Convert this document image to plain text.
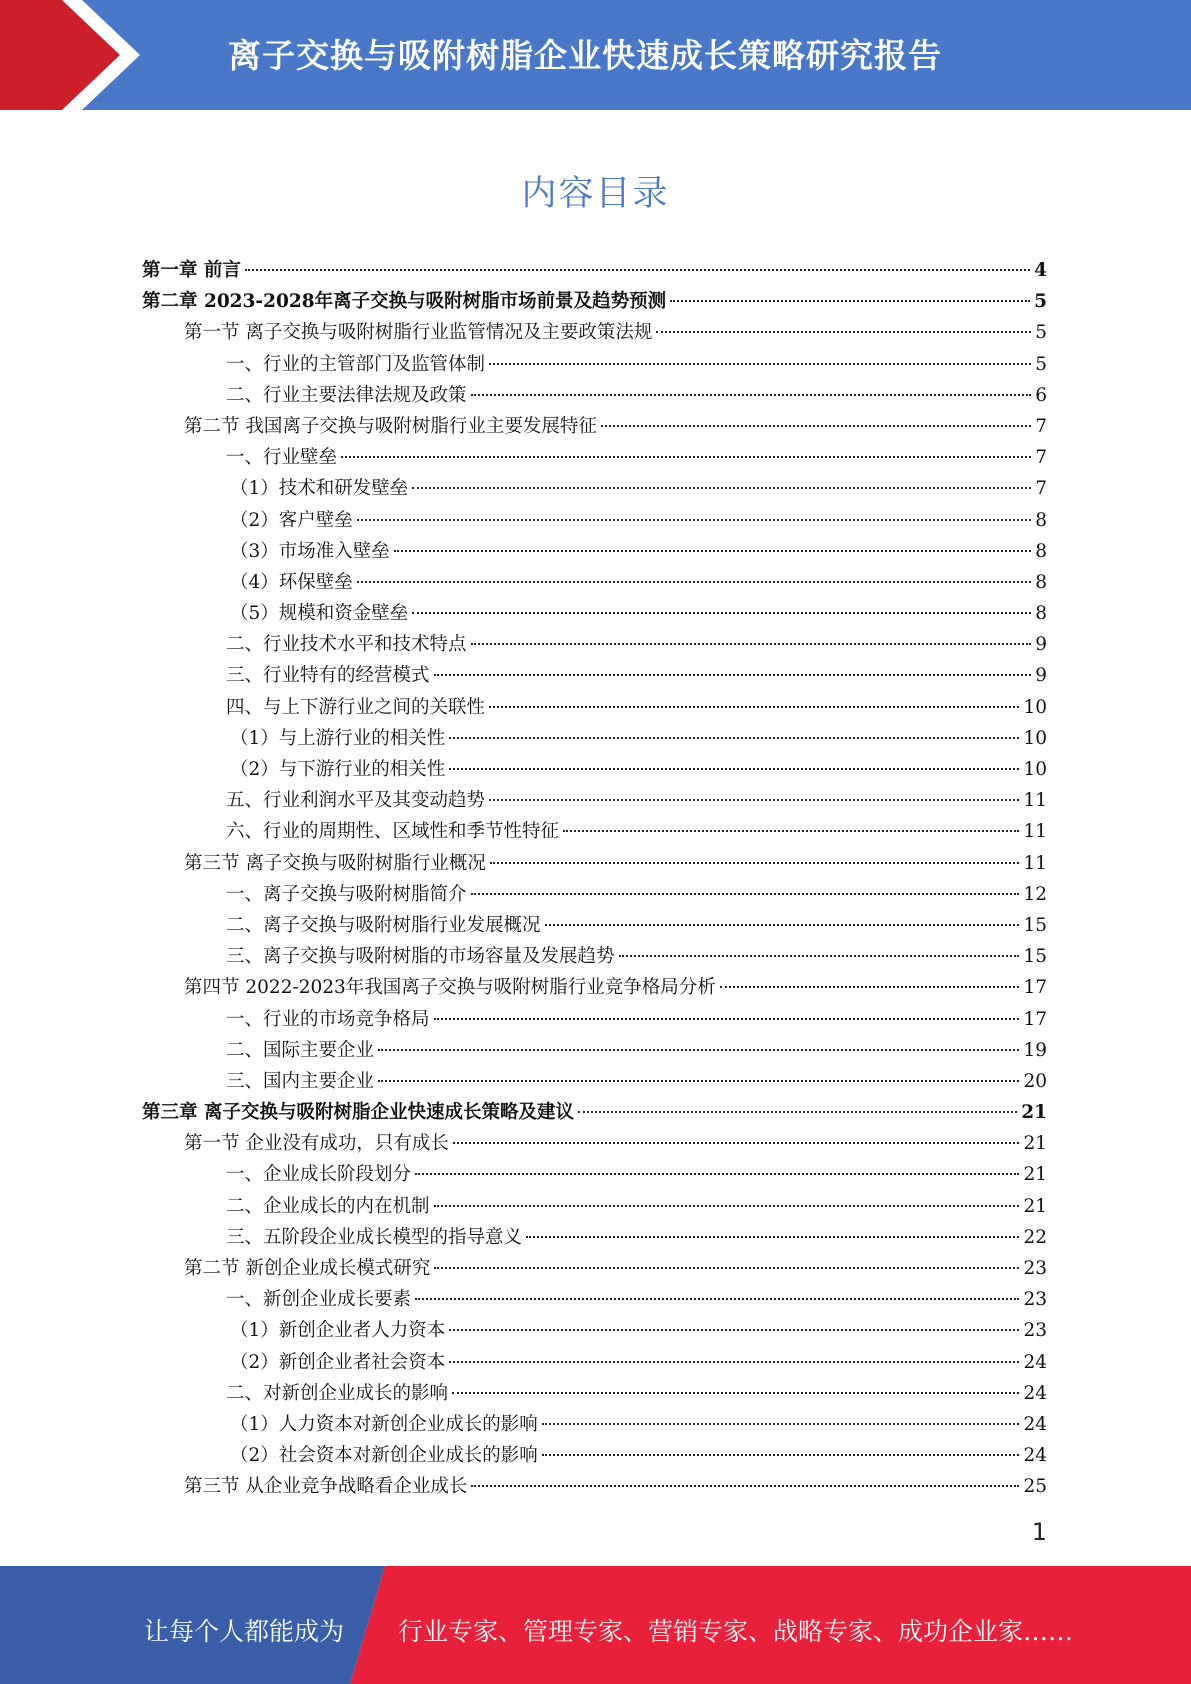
离子交换与吸附树脂企业快速成长策略研究报告
内容目录
第一章 前言	4
第二章 2023-2028年离子交换与吸附树脂市场前景及趋势预测	5
第一节 离子交换与吸附树脂行业监管情况及主要政策法规	5
一、行业的主管部门及监管体制	5
二、行业主要法律法规及政策	6
第二节 我国离子交换与吸附树脂行业主要发展特征	7
一、行业壁垒	7
（1）技术和研发壁垒	7
（2）客户壁垒	8
（3）市场准入壁垒	8
（4）环保壁垒	8
（5）规模和资金壁垒	8
二、行业技术水平和技术特点	9
三、行业特有的经营模式	9
四、与上下游行业之间的关联性	10
（1）与上游行业的相关性	10
（2）与下游行业的相关性	10
五、行业利润水平及其变动趋势	11
六、行业的周期性、区域性和季节性特征	11
第三节 离子交换与吸附树脂行业概况	11
一、离子交换与吸附树脂简介	12
二、离子交换与吸附树脂行业发展概况	15
三、离子交换与吸附树脂的市场容量及发展趋势	15
第四节 2022-2023年我国离子交换与吸附树脂行业竞争格局分析	17
一、行业的市场竞争格局	17
二、国际主要企业	19
三、国内主要企业	20
第三章 离子交换与吸附树脂企业快速成长策略及建议	21
第一节 企业没有成功，只有成长	21
一、企业成长阶段划分	21
二、企业成长的内在机制	21
三、五阶段企业成长模型的指导意义	22
第二节 新创企业成长模式研究	23
一、新创企业成长要素	23
（1）新创企业者人力资本	23
（2）新创企业者社会资本	24
二、对新创企业成长的影响	24
（1）人力资本对新创企业成长的影响	24
（2）社会资本对新创企业成长的影响	24
第三节 从企业竞争战略看企业成长	25
1
让每个人都能成为 行业专家、管理专家、营销专家、战略专家、成功企业家……
